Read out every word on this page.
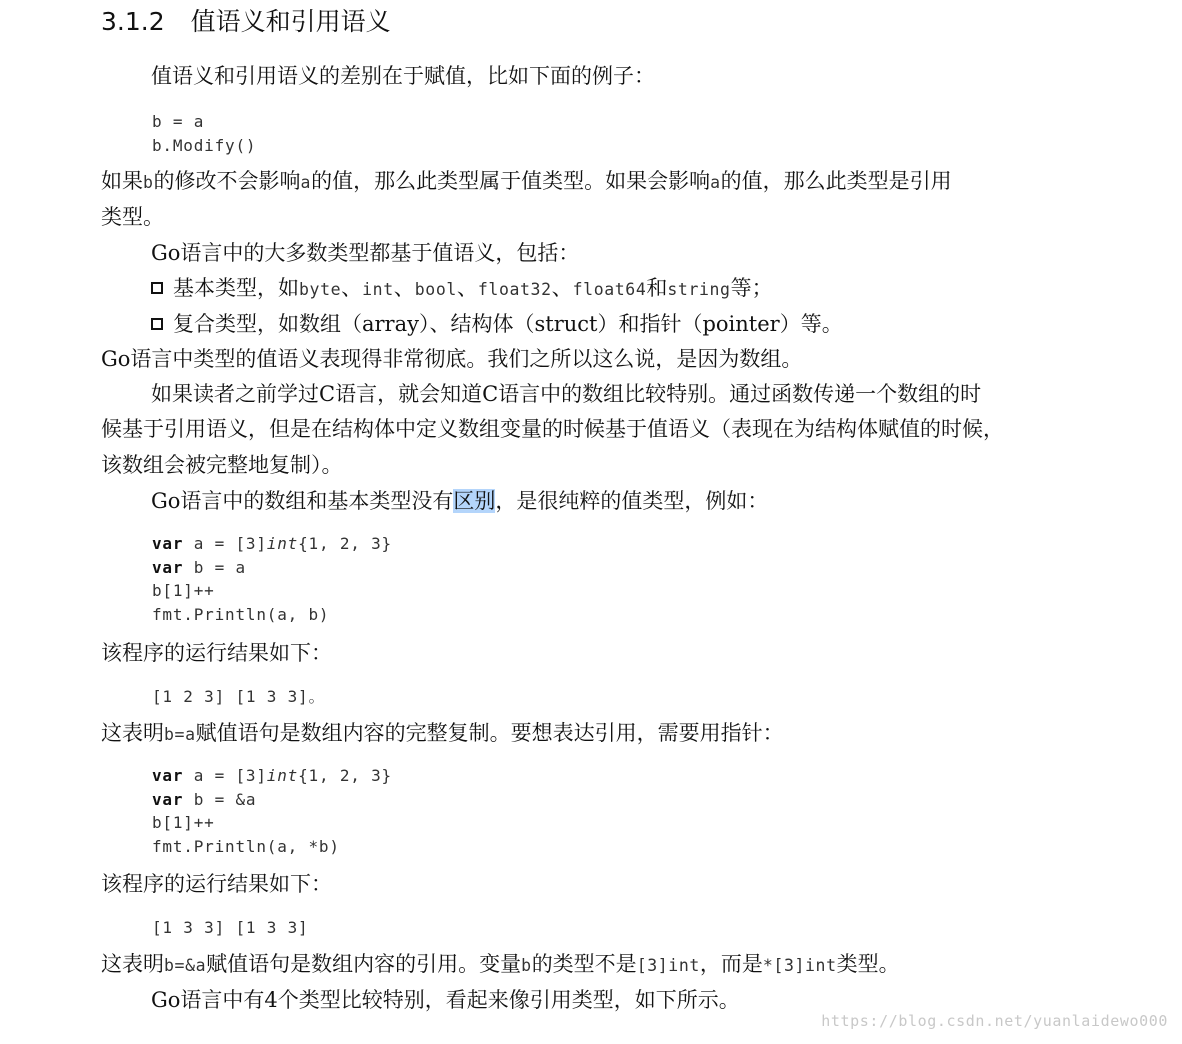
3.1.2 值语义和引用语义
值语义和引用语义的差别在于赋值，比如下面的例子：
b = a
b.Modify()
如果b的修改不会影响a的值，那么此类型属于值类型。如果会影响a的值，那么此类型是引用
类型。
Go语言中的大多数类型都基于值语义，包括：
基本类型，如byte、int、bool、float32、float64和string等；
复合类型，如数组（array）、结构体（struct）和指针（pointer）等。
Go语言中类型的值语义表现得非常彻底。我们之所以这么说，是因为数组。
如果读者之前学过C语言，就会知道C语言中的数组比较特别。通过函数传递一个数组的时
候基于引用语义，但是在结构体中定义数组变量的时候基于值语义（表现在为结构体赋值的时候，
该数组会被完整地复制）。
Go语言中的数组和基本类型没有区别，是很纯粹的值类型，例如：
var a = [3]int{1, 2, 3}
var b = a
b[1]++
fmt.Println(a, b)
该程序的运行结果如下：
[1 2 3] [1 3 3]。
这表明b=a赋值语句是数组内容的完整复制。要想表达引用，需要用指针：
var a = [3]int{1, 2, 3}
var b = &a
b[1]++
fmt.Println(a, *b)
该程序的运行结果如下：
[1 3 3] [1 3 3]
这表明b=&a赋值语句是数组内容的引用。变量b的类型不是[3]int，而是*[3]int类型。
Go语言中有4个类型比较特别，看起来像引用类型，如下所示。
https://blog.csdn.net/yuanlaidewo000
